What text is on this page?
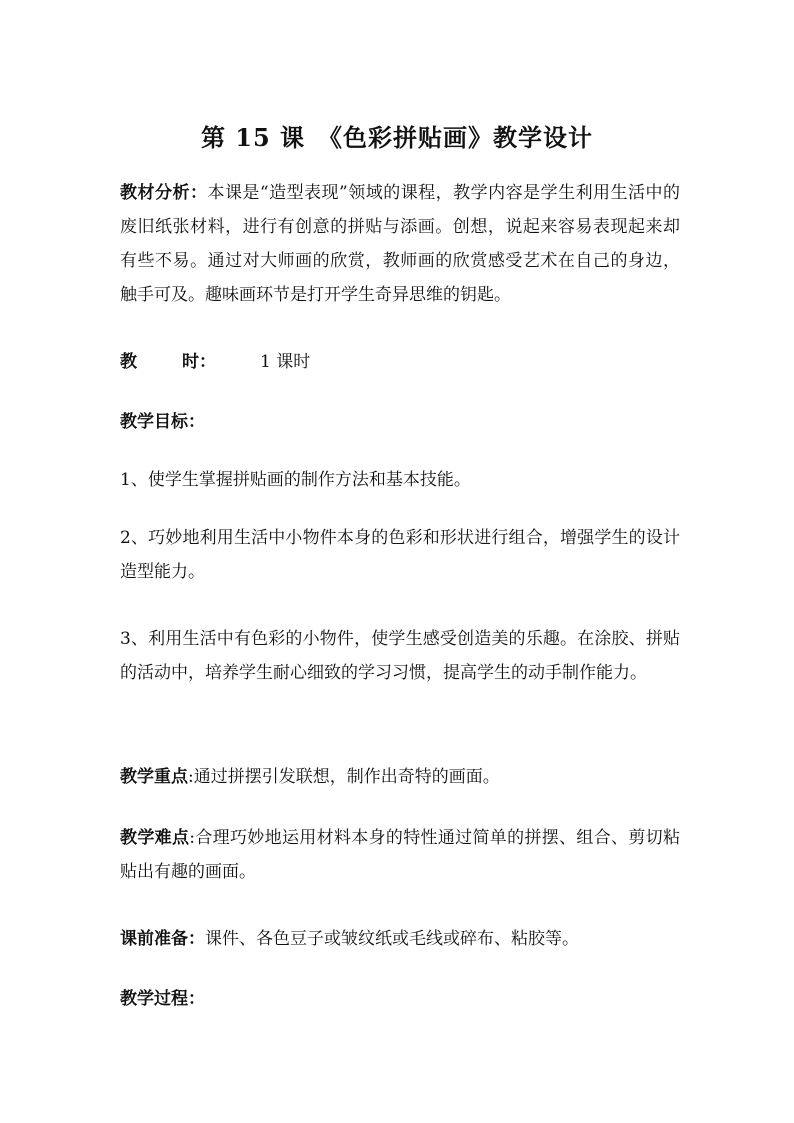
第 15 课　《色彩拼贴画》教学设计
教材分析：本课是“造型表现”领域的课程，教学内容是学生利用生活中的废旧纸张材料，进行有创意的拼贴与添画。创想，说起来容易表现起来却有些不易。通过对大师画的欣赏，教师画的欣赏感受艺术在自己的身边，触手可及。趣味画环节是打开学生奇异思维的钥匙。
教	时：	1 课时
教学目标：
1、使学生掌握拼贴画的制作方法和基本技能。
2、巧妙地利用生活中小物件本身的色彩和形状进行组合，增强学生的设计造型能力。
3、利用生活中有色彩的小物件，使学生感受创造美的乐趣。在涂胶、拼贴的活动中，培养学生耐心细致的学习习惯，提高学生的动手制作能力。
教学重点:通过拼摆引发联想，制作出奇特的画面。
教学难点:合理巧妙地运用材料本身的特性通过简单的拼摆、组合、剪切粘贴出有趣的画面。
课前准备：课件、各色豆子或皱纹纸或毛线或碎布、粘胶等。
教学过程：
